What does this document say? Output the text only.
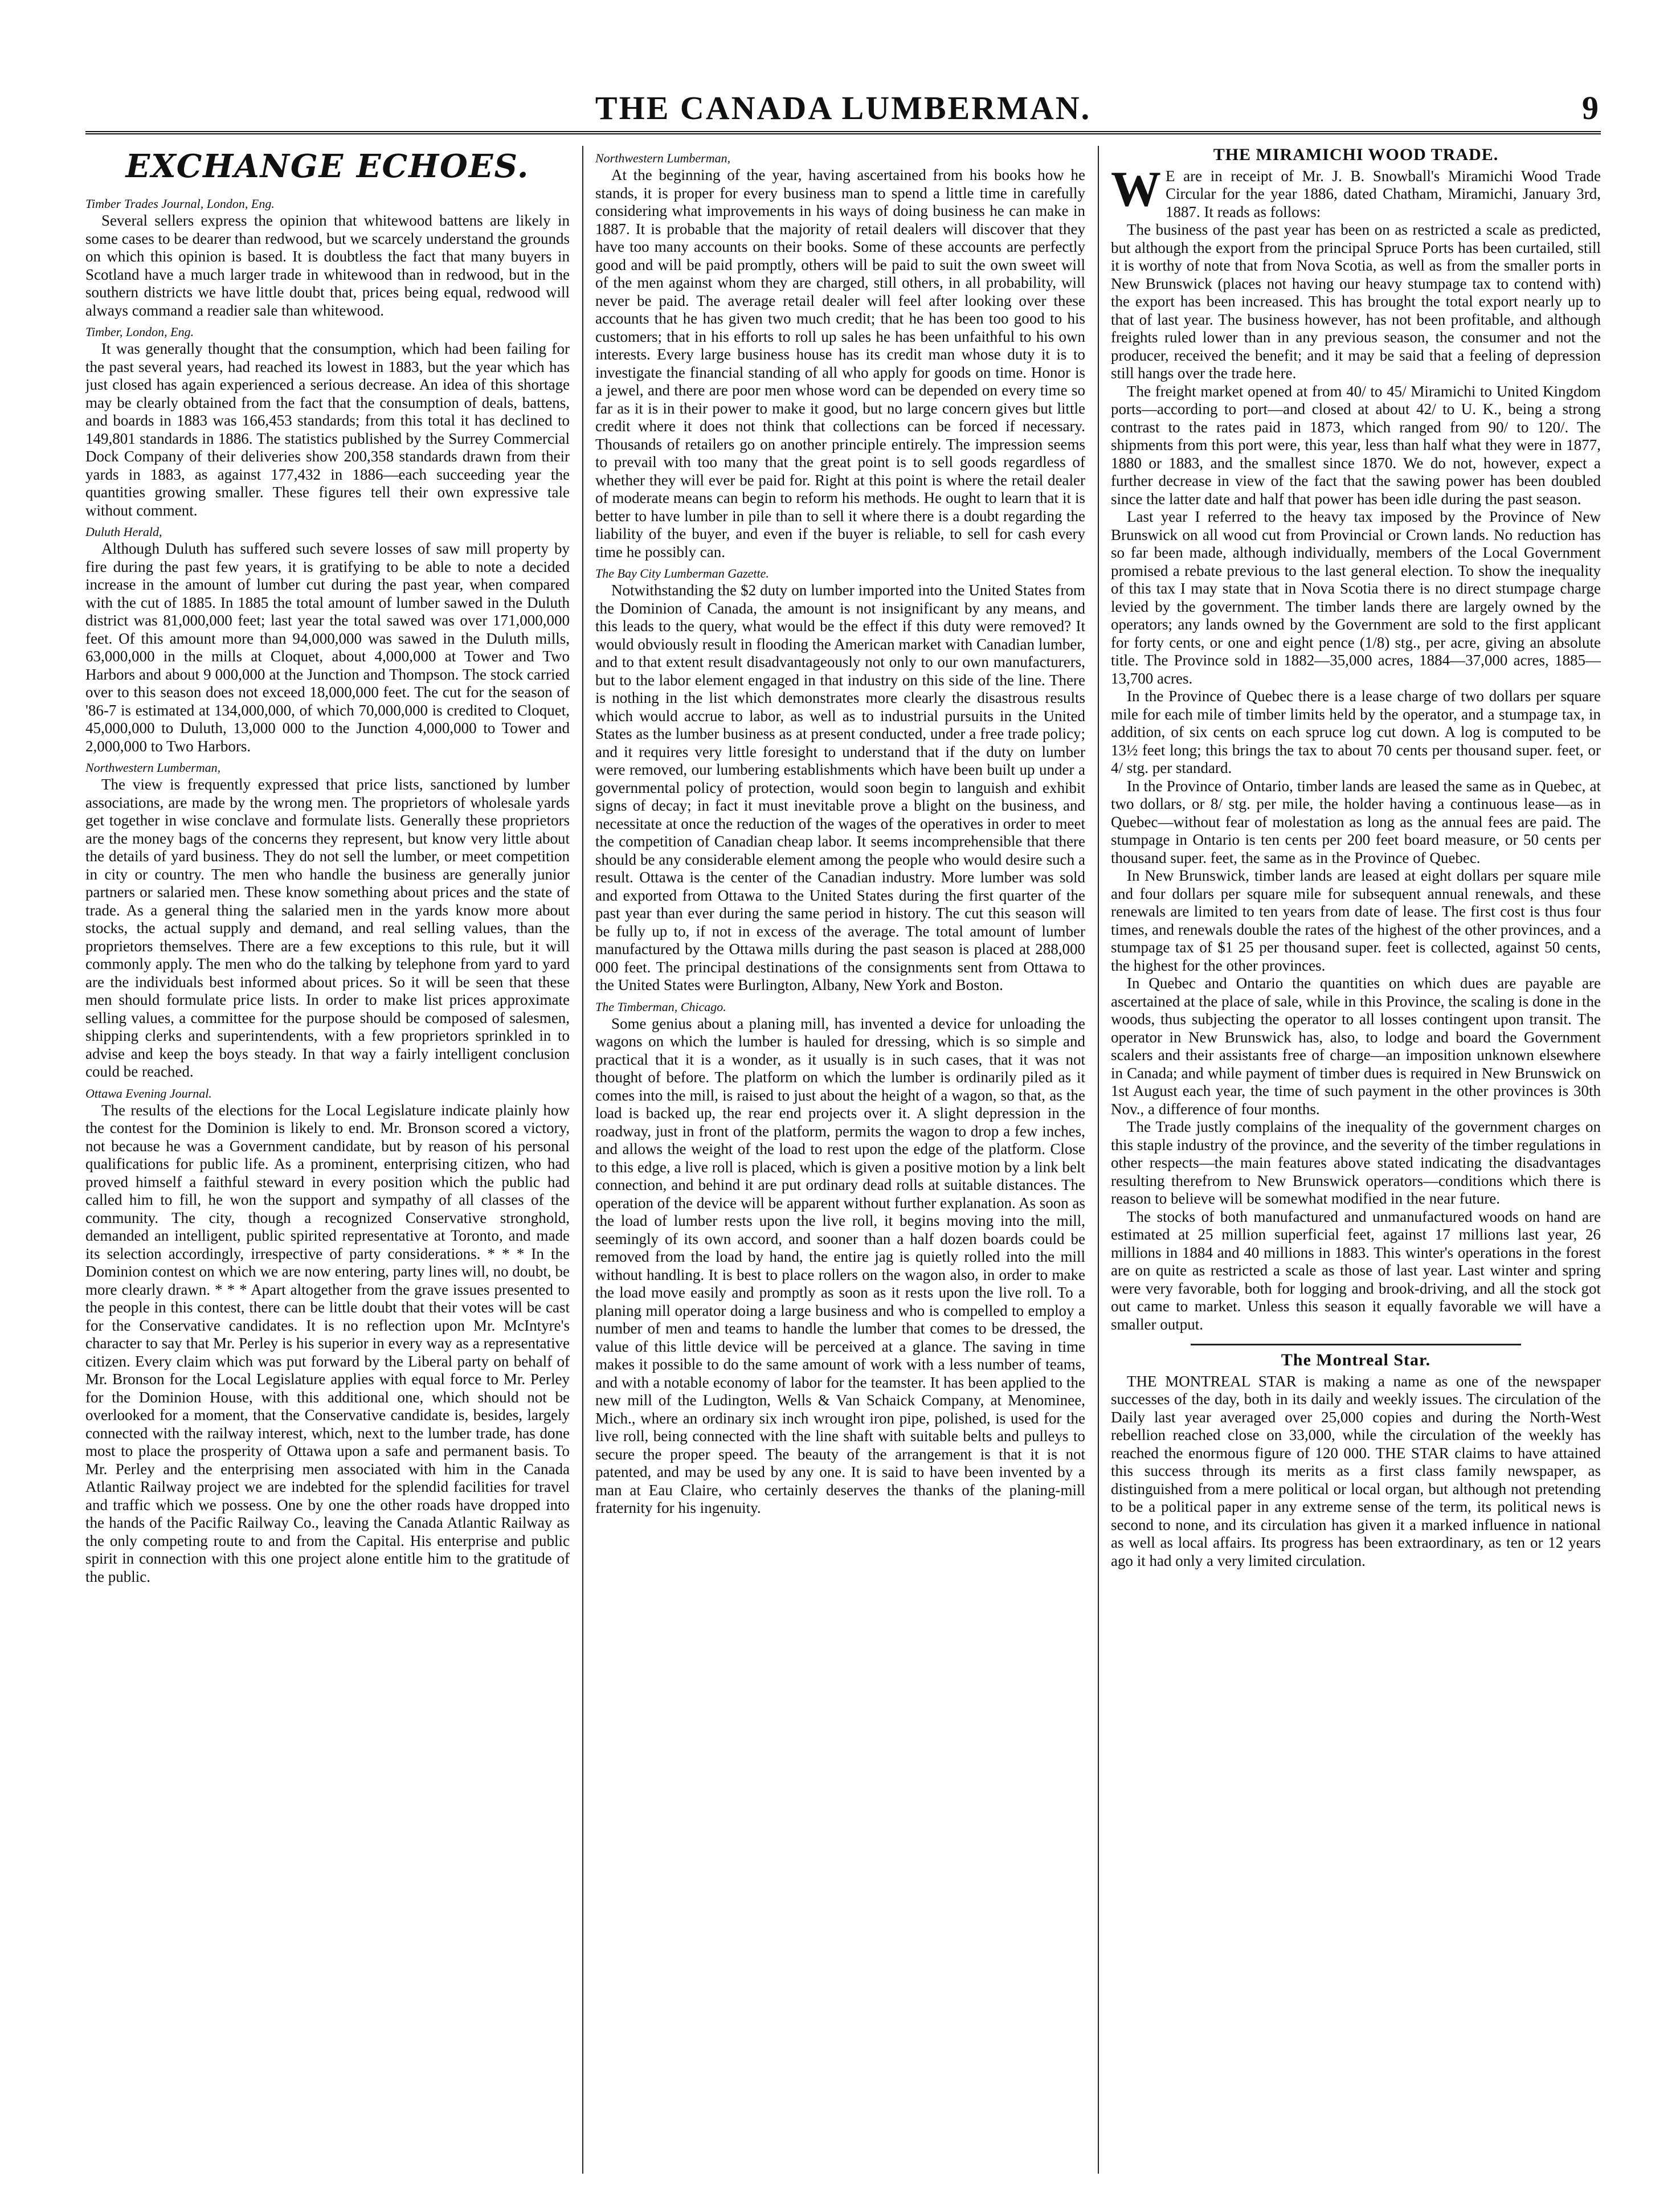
THE CANADA LUMBERMAN.	9
EXCHANGE ECHOES.
Timber Trades Journal, London, Eng.

Several sellers express the opinion that whitewood battens are likely in some cases to be dearer than redwood, but we scarcely understand the grounds on which this opinion is based. It is doubtless the fact that many buyers in Scotland have a much larger trade in whitewood than in redwood, but in the southern districts we have little doubt that, prices being equal, redwood will always command a readier sale than whitewood.

Timber, London, Eng.

It was generally thought that the consumption, which had been failing for the past several years, had reached its lowest in 1883, but the year which has just closed has again experienced a serious decrease. An idea of this shortage may be clearly obtained from the fact that the consumption of deals, battens, and boards in 1883 was 166,453 standards; from this total it has declined to 149,801 standards in 1886. The statistics published by the Surrey Commercial Dock Company of their deliveries show 200,358 standards drawn from their yards in 1883, as against 177,432 in 1886—each succeeding year the quantities growing smaller. These figures tell their own expressive tale without comment.

Duluth Herald,

Although Duluth has suffered such severe losses of saw mill property by fire during the past few years, it is gratifying to be able to note a decided increase in the amount of lumber cut during the past year, when compared with the cut of 1885. In 1885 the total amount of lumber sawed in the Duluth district was 81,000,000 feet; last year the total sawed was over 171,000,000 feet. Of this amount more than 94,000,000 was sawed in the Duluth mills, 63,000,000 in the mills at Cloquet, about 4,000,000 at Tower and Two Harbors and about 9 000,000 at the Junction and Thompson. The stock carried over to this season does not exceed 18,000,000 feet. The cut for the season of '86-7 is estimated at 134,000,000, of which 70,000,000 is credited to Cloquet, 45,000,000 to Duluth, 13,000 000 to the Junction 4,000,000 to Tower and 2,000,000 to Two Harbors.

Northwestern Lumberman,

The view is frequently expressed that price lists, sanctioned by lumber associations, are made by the wrong men. The proprietors of wholesale yards get together in wise conclave and formulate lists. Generally these proprietors are the money bags of the concerns they represent, but know very little about the details of yard business. They do not sell the lumber, or meet competition in city or country. The men who handle the business are generally junior partners or salaried men. These know something about prices and the state of trade. As a general thing the salaried men in the yards know more about stocks, the actual supply and demand, and real selling values, than the proprietors themselves. There are a few exceptions to this rule, but it will commonly apply. The men who do the talking by telephone from yard to yard are the individuals best informed about prices. So it will be seen that these men should formulate price lists. In order to make list prices approximate selling values, a committee for the purpose should be composed of salesmen, shipping clerks and superintendents, with a few proprietors sprinkled in to advise and keep the boys steady. In that way a fairly intelligent conclusion could be reached.

Ottawa Evening Journal.

The results of the elections for the Local Legislature indicate plainly how the contest for the Dominion is likely to end. Mr. Bronson scored a victory, not because he was a Government candidate, but by reason of his personal qualifications for public life. As a prominent, enterprising citizen, who had proved himself a faithful steward in every position which the public had called him to fill, he won the support and sympathy of all classes of the community. The city, though a recognized Conservative stronghold, demanded an intelligent, public spirited representative at Toronto, and made its selection accordingly, irrespective of party considerations. * * * In the Dominion contest on which we are now entering, party lines will, no doubt, be more clearly drawn. * * * Apart altogether from the grave issues presented to the people in this contest, there can be little doubt that their votes will be cast for the Conservative candidates. It is no reflection upon Mr. McIntyre's character to say that Mr. Perley is his superior in every way as a representative citizen. Every claim which was put forward by the Liberal party on behalf of Mr. Bronson for the Local Legislature applies with equal force to Mr. Perley for the Dominion House, with this additional one, which should not be overlooked for a moment, that the Conservative candidate is, besides, largely connected with the railway interest, which, next to the lumber trade, has done most to place the prosperity of Ottawa upon a safe and permanent basis. To Mr. Perley and the enterprising men associated with him in the Canada Atlantic Railway project we are indebted for the splendid facilities for travel and traffic which we possess. One by one the other roads have dropped into the hands of the Pacific Railway Co., leaving the Canada Atlantic Railway as the only competing route to and from the Capital. His enterprise and public spirit in connection with this one project alone entitle him to the gratitude of the public.

Northwestern Lumberman,

At the beginning of the year, having ascertained from his books how he stands, it is proper for every business man to spend a little time in carefully considering what improvements in his ways of doing business he can make in 1887. It is probable that the majority of retail dealers will discover that they have too many accounts on their books. Some of these accounts are perfectly good and will be paid promptly, others will be paid to suit the own sweet will of the men against whom they are charged, still others, in all probability, will never be paid. The average retail dealer will feel after looking over these accounts that he has given two much credit; that he has been too good to his customers; that in his efforts to roll up sales he has been unfaithful to his own interests. Every large business house has its credit man whose duty it is to investigate the financial standing of all who apply for goods on time. Honor is a jewel, and there are poor men whose word can be depended on every time so far as it is in their power to make it good, but no large concern gives but little credit where it does not think that collections can be forced if necessary. Thousands of retailers go on another principle entirely. The impression seems to prevail with too many that the great point is to sell goods regardless of whether they will ever be paid for. Right at this point is where the retail dealer of moderate means can begin to reform his methods. He ought to learn that it is better to have lumber in pile than to sell it where there is a doubt regarding the liability of the buyer, and even if the buyer is reliable, to sell for cash every time he possibly can.

The Bay City Lumberman Gazette.

Notwithstanding the $2 duty on lumber imported into the United States from the Dominion of Canada, the amount is not insignificant by any means, and this leads to the query, what would be the effect if this duty were removed? It would obviously result in flooding the American market with Canadian lumber, and to that extent result disadvantageously not only to our own manufacturers, but to the labor element engaged in that industry on this side of the line. There is nothing in the list which demonstrates more clearly the disastrous results which would accrue to labor, as well as to industrial pursuits in the United States as the lumber business as at present conducted, under a free trade policy; and it requires very little foresight to understand that if the duty on lumber were removed, our lumbering establishments which have been built up under a governmental policy of protection, would soon begin to languish and exhibit signs of decay; in fact it must inevitable prove a blight on the business, and necessitate at once the reduction of the wages of the operatives in order to meet the competition of Canadian cheap labor. It seems incomprehensible that there should be any considerable element among the people who would desire such a result. Ottawa is the center of the Canadian industry. More lumber was sold and exported from Ottawa to the United States during the first quarter of the past year than ever during the same period in history. The cut this season will be fully up to, if not in excess of the average. The total amount of lumber manufactured by the Ottawa mills during the past season is placed at 288,000 000 feet. The principal destinations of the consignments sent from Ottawa to the United States were Burlington, Albany, New York and Boston.

The Timberman, Chicago.

Some genius about a planing mill, has invented a device for unloading the wagons on which the lumber is hauled for dressing, which is so simple and practical that it is a wonder, as it usually is in such cases, that it was not thought of before. The platform on which the lumber is ordinarily piled as it comes into the mill, is raised to just about the height of a wagon, so that, as the load is backed up, the rear end projects over it. A slight depression in the roadway, just in front of the platform, permits the wagon to drop a few inches, and allows the weight of the load to rest upon the edge of the platform. Close to this edge, a live roll is placed, which is given a positive motion by a link belt connection, and behind it are put ordinary dead rolls at suitable distances. The operation of the device will be apparent without further explanation. As soon as the load of lumber rests upon the live roll, it begins moving into the mill, seemingly of its own accord, and sooner than a half dozen boards could be removed from the load by hand, the entire jag is quietly rolled into the mill without handling. It is best to place rollers on the wagon also, in order to make the load move easily and promptly as soon as it rests upon the live roll. To a planing mill operator doing a large business and who is compelled to employ a number of men and teams to handle the lumber that comes to be dressed, the value of this little device will be perceived at a glance. The saving in time makes it possible to do the same amount of work with a less number of teams, and with a notable economy of labor for the teamster. It has been applied to the new mill of the Ludington, Wells & Van Schaick Company, at Menominee, Mich., where an ordinary six inch wrought iron pipe, polished, is used for the live roll, being connected with the line shaft with suitable belts and pulleys to secure the proper speed. The beauty of the arrangement is that it is not patented, and may be used by any one. It is said to have been invented by a man at Eau Claire, who certainly deserves the thanks of the planing-mill fraternity for his ingenuity.

THE MIRAMICHI WOOD TRADE.

W E are in receipt of Mr. J. B. Snowball's Miramichi Wood Trade Circular for the year 1886, dated Chatham, Miramichi, January 3rd, 1887. It reads as follows:

The business of the past year has been on as restricted a scale as predicted, but although the export from the principal Spruce Ports has been curtailed, still it is worthy of note that from Nova Scotia, as well as from the smaller ports in New Brunswick (places not having our heavy stumpage tax to contend with) the export has been increased. This has brought the total export nearly up to that of last year. The business however, has not been profitable, and although freights ruled lower than in any previous season, the consumer and not the producer, received the benefit; and it may be said that a feeling of depression still hangs over the trade here.

The freight market opened at from 40/ to 45/ Miramichi to United Kingdom ports—according to port—and closed at about 42/ to U. K., being a strong contrast to the rates paid in 1873, which ranged from 90/ to 120/. The shipments from this port were, this year, less than half what they were in 1877, 1880 or 1883, and the smallest since 1870. We do not, however, expect a further decrease in view of the fact that the sawing power has been doubled since the latter date and half that power has been idle during the past season.

Last year I referred to the heavy tax imposed by the Province of New Brunswick on all wood cut from Provincial or Crown lands. No reduction has so far been made, although individually, members of the Local Government promised a rebate previous to the last general election. To show the inequality of this tax I may state that in Nova Scotia there is no direct stumpage charge levied by the government. The timber lands there are largely owned by the operators; any lands owned by the Government are sold to the first applicant for forty cents, or one and eight pence (1/8) stg., per acre, giving an absolute title. The Province sold in 1882—35,000 acres, 1884—37,000 acres, 1885—13,700 acres.

In the Province of Quebec there is a lease charge of two dollars per square mile for each mile of timber limits held by the operator, and a stumpage tax, in addition, of six cents on each spruce log cut down. A log is computed to be 13½ feet long; this brings the tax to about 70 cents per thousand super. feet, or 4/ stg. per standard.

In the Province of Ontario, timber lands are leased the same as in Quebec, at two dollars, or 8/ stg. per mile, the holder having a continuous lease—as in Quebec—without fear of molestation as long as the annual fees are paid. The stumpage in Ontario is ten cents per 200 feet board measure, or 50 cents per thousand super. feet, the same as in the Province of Quebec.

In New Brunswick, timber lands are leased at eight dollars per square mile and four dollars per square mile for subsequent annual renewals, and these renewals are limited to ten years from date of lease. The first cost is thus four times, and renewals double the rates of the highest of the other provinces, and a stumpage tax of $1 25 per thousand super. feet is collected, against 50 cents, the highest for the other provinces.

In Quebec and Ontario the quantities on which dues are payable are ascertained at the place of sale, while in this Province, the scaling is done in the woods, thus subjecting the operator to all losses contingent upon transit. The operator in New Brunswick has, also, to lodge and board the Government scalers and their assistants free of charge—an imposition unknown elsewhere in Canada; and while payment of timber dues is required in New Brunswick on 1st August each year, the time of such payment in the other provinces is 30th Nov., a difference of four months.

The Trade justly complains of the inequality of the government charges on this staple industry of the province, and the severity of the timber regulations in other respects—the main features above stated indicating the disadvantages resulting therefrom to New Brunswick operators—conditions which there is reason to believe will be somewhat modified in the near future.

The stocks of both manufactured and unmanufactured woods on hand are estimated at 25 million superficial feet, against 17 millions last year, 26 millions in 1884 and 40 millions in 1883. This winter's operations in the forest are on quite as restricted a scale as those of last year. Last winter and spring were very favorable, both for logging and brook-driving, and all the stock got out came to market. Unless this season it equally favorable we will have a smaller output.

The Montreal Star.

THE MONTREAL STAR is making a name as one of the newspaper successes of the day, both in its daily and weekly issues. The circulation of the Daily last year averaged over 25,000 copies and during the North-West rebellion reached close on 33,000, while the circulation of the weekly has reached the enormous figure of 120 000. THE STAR claims to have attained this success through its merits as a first class family newspaper, as distinguished from a mere political or local organ, but although not pretending to be a political paper in any extreme sense of the term, its political news is second to none, and its circulation has given it a marked influence in national as well as local affairs. Its progress has been extraordinary, as ten or 12 years ago it had only a very limited circulation.
